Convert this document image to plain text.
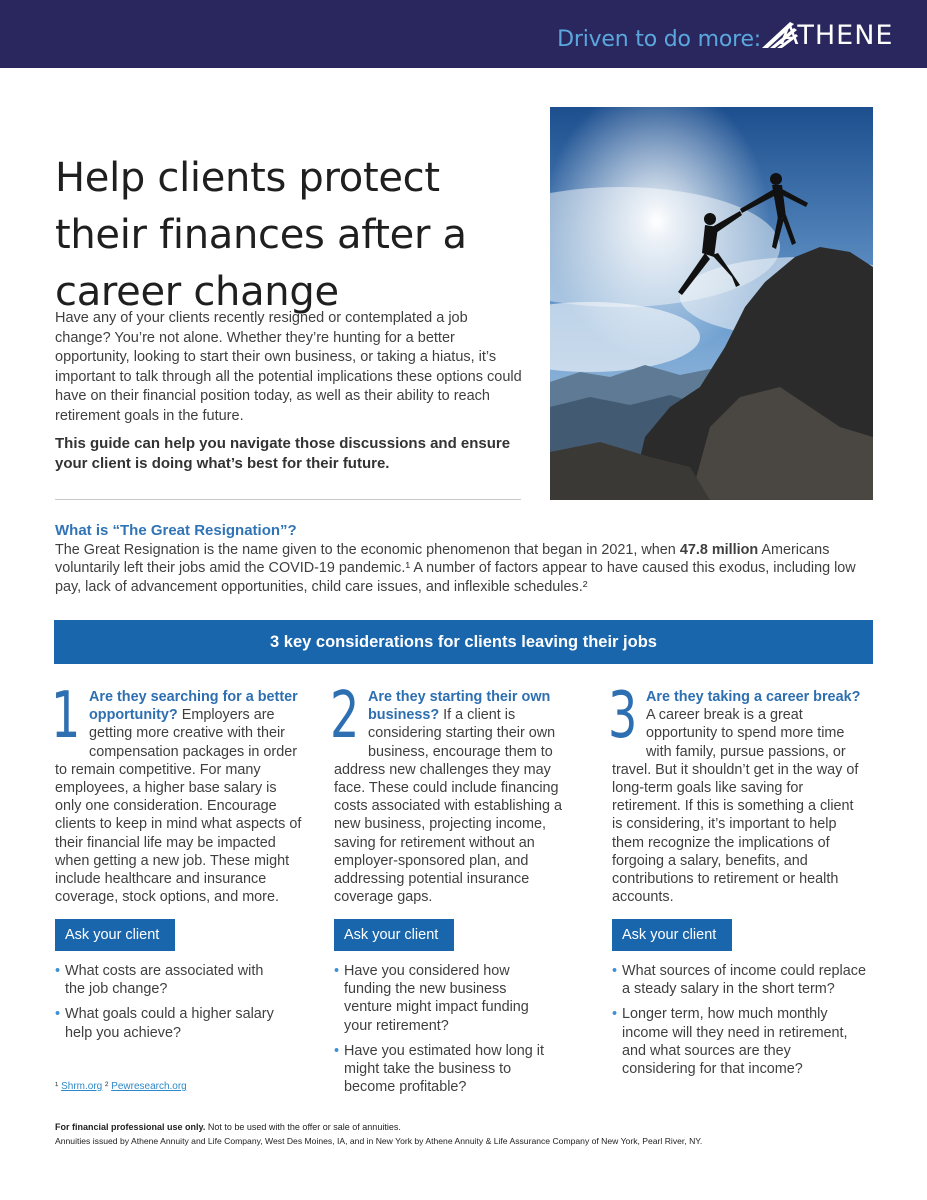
Driven to do more: ATHENE
Help clients protect their finances after a career change

Have any of your clients recently resigned or contemplated a job change? You’re not alone. Whether they’re hunting for a better opportunity, looking to start their own business, or taking a hiatus, it’s important to talk through all the potential implications these options could have on their financial position today, as well as their ability to reach retirement goals in the future.

This guide can help you navigate those discussions and ensure your client is doing what’s best for their future.

What is “The Great Resignation”?

The Great Resignation is the name given to the economic phenomenon that began in 2021, when 47.8 million Americans voluntarily left their jobs amid the COVID-19 pandemic.¹ A number of factors appear to have caused this exodus, including low pay, lack of advancement opportunities, child care issues, and inflexible schedules.²

3 key considerations for clients leaving their jobs
1 Are they searching for a better opportunity? Employers are getting more creative with their compensation packages in order to remain competitive. For many employees, a higher base salary is only one consideration. Encourage clients to keep in mind what aspects of their financial life may be impacted when getting a new job. These might include healthcare and insurance coverage, stock options, and more.

Ask your client
• What costs are associated with the job change?
• What goals could a higher salary help you achieve?
2 Are they starting their own business? If a client is considering starting their own business, encourage them to address new challenges they may face. These could include financing costs associated with establishing a new business, projecting income, saving for retirement without an employer-sponsored plan, and addressing potential insurance coverage gaps.

Ask your client
• Have you considered how funding the new business venture might impact funding your retirement?
• Have you estimated how long it might take the business to become profitable?
3 Are they taking a career break? A career break is a great opportunity to spend more time with family, pursue passions, or travel. But it shouldn’t get in the way of long-term goals like saving for retirement. If this is something a client is considering, it’s important to help them recognize the implications of forgoing a salary, benefits, and contributions to retirement or health accounts.

Ask your client
• What sources of income could replace a steady salary in the short term?
• Longer term, how much monthly income will they need in retirement, and what sources are they considering for that income?
¹ Shrm.org ² Pewresearch.org
For financial professional use only. Not to be used with the offer or sale of annuities.
Annuities issued by Athene Annuity and Life Company, West Des Moines, IA, and in New York by Athene Annuity & Life Assurance Company of New York, Pearl River, NY.
